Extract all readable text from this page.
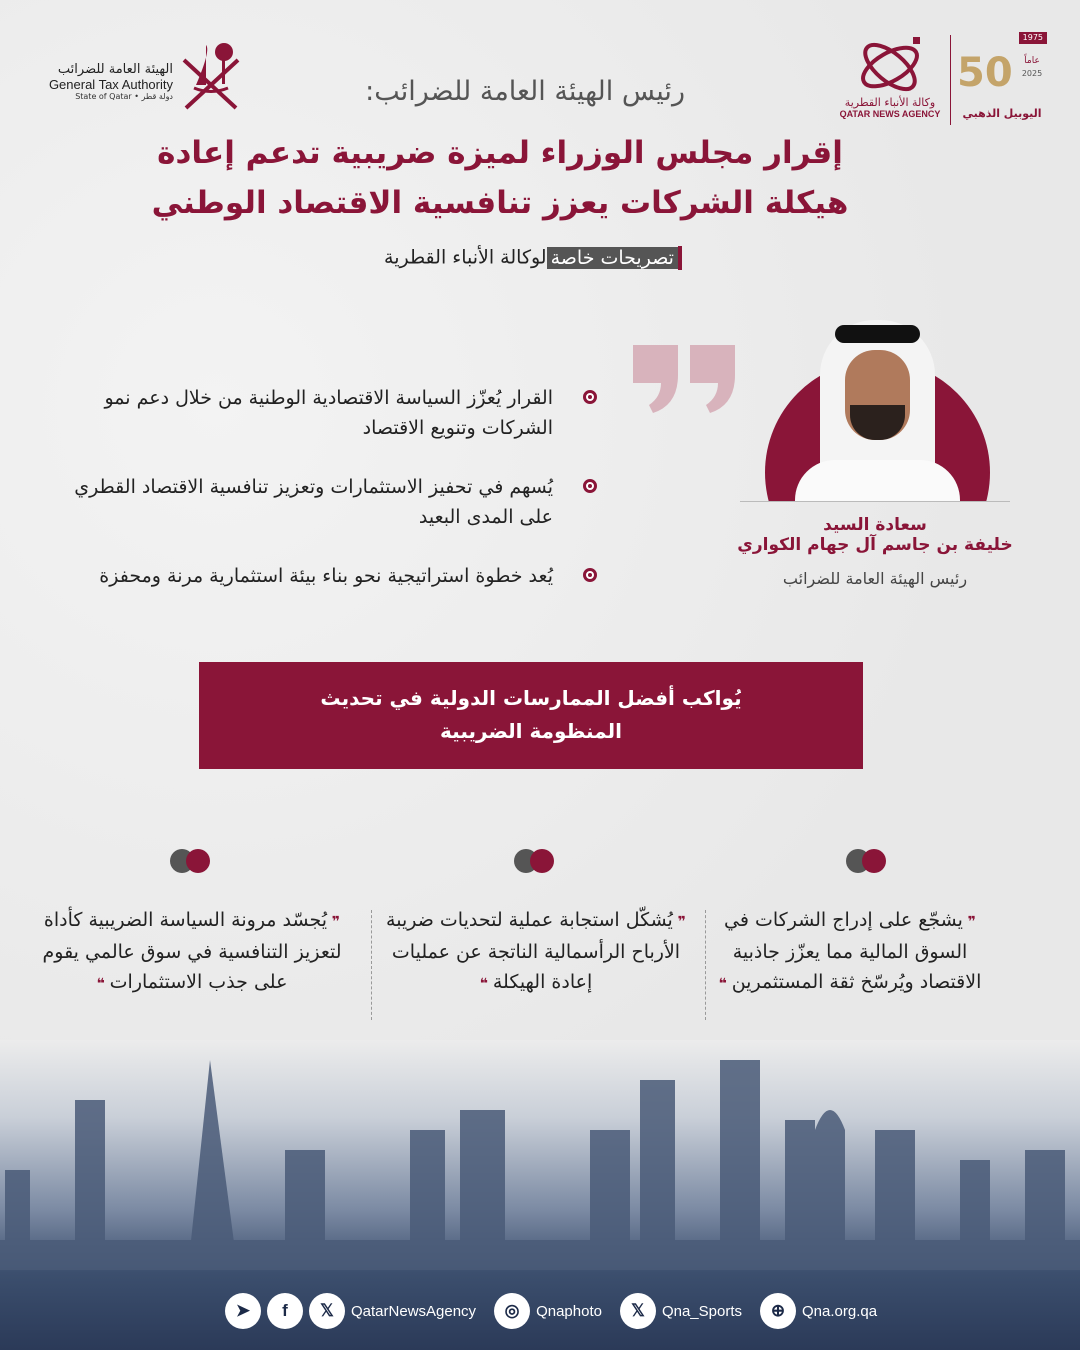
الهيئة العامة للضرائب
General Tax Authority
State of Qatar • دولة قطر	وكالة الأنباء القطرية
QATAR NEWS AGENCY
1975
50	عاماً
2025
اليوبيل الذهبي
رئيس الهيئة العامة للضرائب:
إقرار مجلس الوزراء لميزة ضريبية تدعم إعادة
هيكلة الشركات يعزز تنافسية الاقتصاد الوطني
تصريحات خاصةلوكالة الأنباء القطرية
سعادة السيد
خليفة بن جاسم آل جهام الكواري
رئيس الهيئة العامة للضرائب
القرار يُعزّز السياسة الاقتصادية الوطنية من خلال دعم نمو الشركات وتنويع الاقتصاد
يُسهم في تحفيز الاستثمارات وتعزيز تنافسية الاقتصاد القطري على المدى البعيد
يُعد خطوة استراتيجية نحو بناء بيئة استثمارية مرنة ومحفزة
يُواكب أفضل الممارسات الدولية في تحديث
المنظومة الضريبية
❞ يشجّع على إدراج الشركات في السوق المالية مما يعزّز جاذبية الاقتصاد ويُرسّخ ثقة المستثمرين ❝
❞ يُشكّل استجابة عملية لتحديات ضريبة الأرباح الرأسمالية الناتجة عن عمليات إعادة الهيكلة ❝
❞ يُجسّد مرونة السياسة الضريبية كأداة لتعزيز التنافسية في سوق عالمي يقوم على جذب الاستثمارات ❝
➤	f	𝕏	QatarNewsAgency	◎	Qnaphoto	𝕏	Qna_Sports	⊕	Qna.org.qa
